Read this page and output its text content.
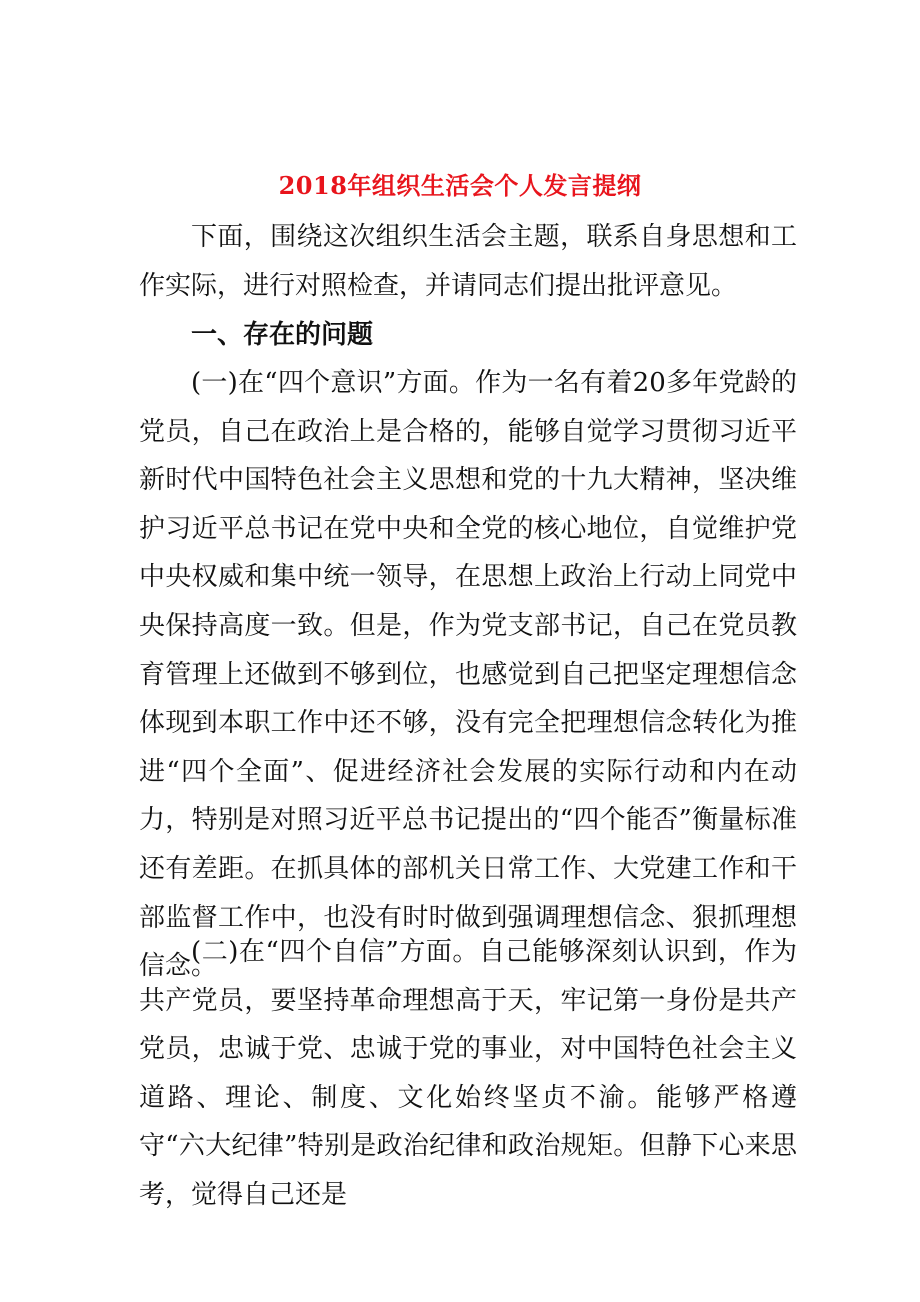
2018年组织生活会个人发言提纲

下面，围绕这次组织生活会主题，联系自身思想和工作实际，进行对照检查，并请同志们提出批评意见。

一、存在的问题

(一)在“四个意识”方面。作为一名有着20多年党龄的党员，自己在政治上是合格的，能够自觉学习贯彻习近平新时代中国特色社会主义思想和党的十九大精神，坚决维护习近平总书记在党中央和全党的核心地位，自觉维护党中央权威和集中统一领导，在思想上政治上行动上同党中央保持高度一致。但是，作为党支部书记，自己在党员教育管理上还做到不够到位，也感觉到自己把坚定理想信念体现到本职工作中还不够，没有完全把理想信念转化为推进“四个全面”、促进经济社会发展的实际行动和内在动力，特别是对照习近平总书记提出的“四个能否”衡量标准还有差距。在抓具体的部机关日常工作、大党建工作和干部监督工作中，也没有时时做到强调理想信念、狠抓理想信念。

(二)在“四个自信”方面。自己能够深刻认识到，作为共产党员，要坚持革命理想高于天，牢记第一身份是共产党员，忠诚于党、忠诚于党的事业，对中国特色社会主义道路、理论、制度、文化始终坚贞不渝。能够严格遵守“六大纪律”特别是政治纪律和政治规矩。但静下心来思考，觉得自己还是
